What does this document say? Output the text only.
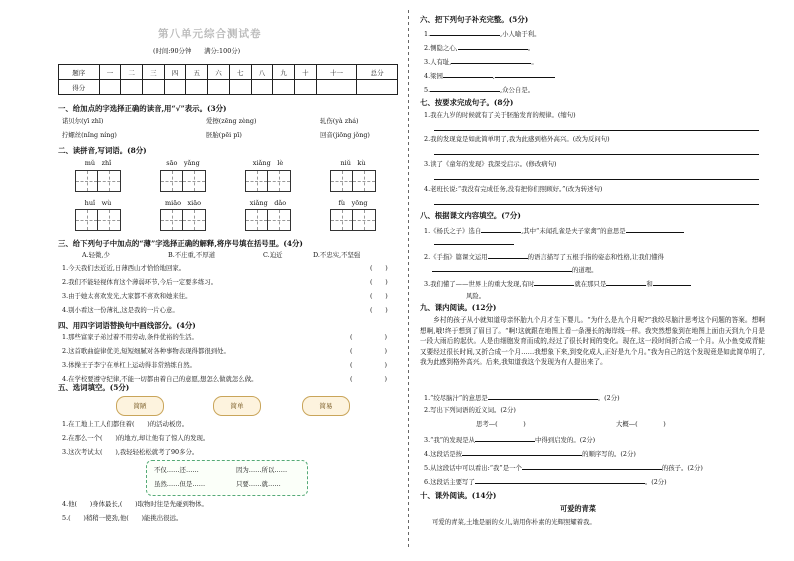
第八单元综合测试卷
(时间:90分钟　　满分:100分)
题序	一	二	三	四	五	六	七	八	九	十	十一	总分
得分												
一、给加点的字选择正确的读音,用“√”表示。(3分)
诺贝尔(yī zhī)	爱擦(zēng zèng)	轧伤(yà zhá)
拧螺丝(nǐng níng)	胚胎(pēi pī)	回音(jiōng jǒng)
二、读拼音,写词语。(8分)
mǔ　zhǐ	sāo　yǎng	xiǎng　lè	niǔ　kù
huǐ　wù	miāo　xiāo	xiǎng　dǎo	fù　yōng
三、给下列句子中加点的“薄”字选择正确的解释,将序号填在括号里。(4分)
A.轻微,少	B.不庄重,不厚道	C.迫近	D.不忠实,不坚强
1.今天我们去近近,日薄西山才恰恰地回家。
2.我们不能轻视体育这个薄弱环节,今后一定要多练习。
3.由于她太喜欢发光,大家都不喜欢和她来往。
4.别小看这一份薄礼,这是我的一片心意。
(　　)
(　　)
(　　)
(　　)
四、用四字词语替换句中画线部分。(4分)
1.那些富家子弟过着不用劳动,条件优裕的生活。
2.这首歌曲旋律优美,短短细腻对各种事物表现得都很到处。
3.体操王子李宁在单杠上运动得非常熟练自然。
4.在学校要遵守纪律,不能一切都由着自己的意愿,想怎么做就怎么做。
(　　　　　)
(　　　　　)
(　　　　　)
(　　　　　)
五、选词填空。(5分)
简陋	简单	简易
1.在工地上工人们都住着(　　)的活动板房。
2.在那么一个(　　)的地方,却让他有了惊人的发现。
3.这次考试太(　　),我轻轻松松就考了90多分。
不仅……还……	因为……所以……
虽然……但是……	只要……就……
4.他(　　)身体最长,(　　)取物时往是先碰到物体。
5.(　　)稍稍一使劲,他(　　)能挑出很远。
六、把下列句子补充完整。(5分)
1.	,小人喻于利。
2.恻隐之心,	。
3.人有耻,	。
4.梁园	,
5.	,众公自是。
七、按要求完成句子。(8分)
1.我在九岁的时候就有了关于胚胎发育的规律。(缩句)
2.我的发现竟是如此简单明了,我为此感到格外高兴。(改为反问句)
3.读了《童年的发现》我深受启示。(修改病句)
4.老班长说:“我没有完成任务,没有把你们照顾好。”(改为转述句)
八、根据课文内容填空。(7分)
1.《杨氏之子》选自	,其中“未闻孔雀是夫子家禽”的意思是
2.《手指》篇课文运用	的语言描写了五根手指的姿态和性格,让我们懂得
的道理。
3.我们懂了——世界上的重大发现,有时	就在那只是	和
风险。
九、课内阅读。(12分)
乡村的孩子从小就知道母亲怀胎九个月才生下婴儿。“为什么是九个月呢?”我绞尽脑汁思考这个问题的答案。想啊想啊,哦!终于想到了眉目了。“啊!这就跟在地图上看一条漫长的海岸线一样。我突然想象到在地图上面由天到九个月是一段大雨后的起伏。人是由细胞发育而成的,经过了很长时间的变化。现在,这一段时间折合成一个月。从小鱼变成青蛙又要经过很长时间,又折合成一个月……我想象下来,到变化成人,正好是九个月。”我为自己的这个发现竟是如此简单明了,我为此感到格外高兴。后来,我知道我这个发现为有人提出来了。
1.“绞尽脑汁”的意思是	。(2分)
2.写出下列词语的近义词。(2分)
思考—(　　　　)	大概—(　　　　)
3.“我”的发现是从	中得到启发的。(2分)
4.这段话是按	的顺序写的。(2分)
5.从这段话中可以看出:“我”是一个	的孩子。(2分)
6.这段话主要写了	。(2分)
十、课外阅读。(14分)
可爱的青菜
可爱的青菜,土地是丽的女儿,请用你朴素的光辉照耀着我。
